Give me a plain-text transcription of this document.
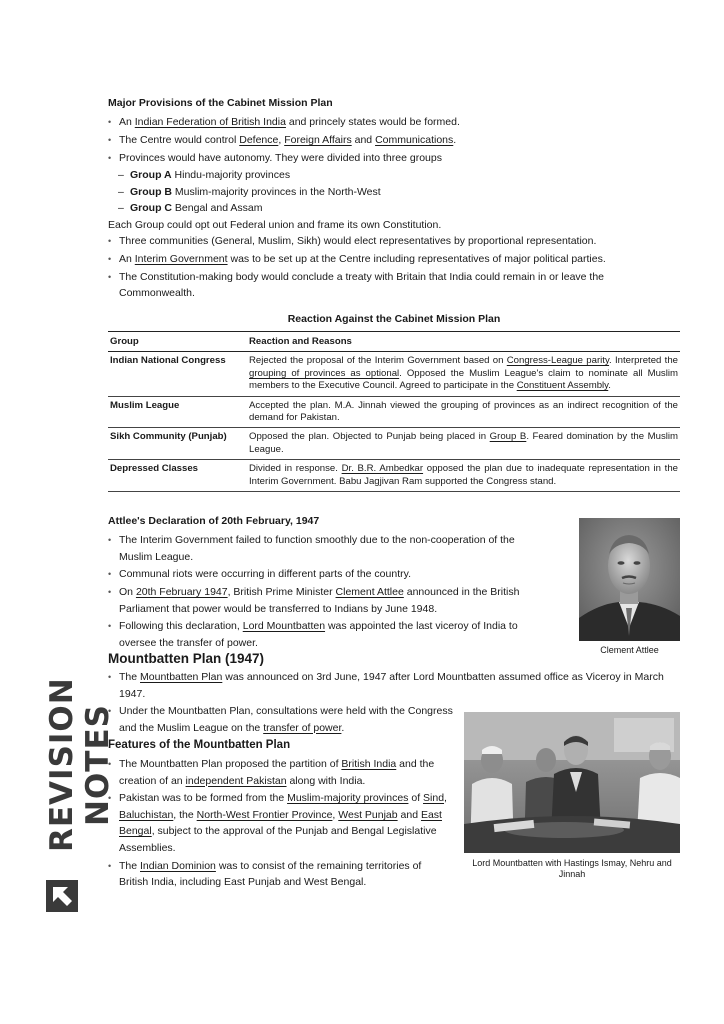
Major Provisions of the Cabinet Mission Plan
• An Indian Federation of British India and princely states would be formed.
• The Centre would control Defence, Foreign Affairs and Communications.
• Provinces would have autonomy. They were divided into three groups
– Group A Hindu-majority provinces
– Group B Muslim-majority provinces in the North-West
– Group C Bengal and Assam

Each Group could opt out Federal union and frame its own Constitution.

• Three communities (General, Muslim, Sikh) would elect representatives by proportional representation.
• An Interim Government was to be set up at the Centre including representatives of major political parties.
• The Constitution-making body would conclude a treaty with Britain that India could remain in or leave the Commonwealth.
Reaction Against the Cabinet Mission Plan
Group	Reaction and Reasons
Indian National Congress	Rejected the proposal of the Interim Government based on Congress-League parity. Interpreted the grouping of provinces as optional. Opposed the Muslim League's claim to nominate all Muslim members to the Executive Council. Agreed to participate in the Constituent Assembly.
Muslim League	Accepted the plan. M.A. Jinnah viewed the grouping of provinces as an indirect recognition of the demand for Pakistan.
Sikh Community (Punjab)	Opposed the plan. Objected to Punjab being placed in Group B. Feared domination by the Muslim League.
Depressed Classes	Divided in response. Dr. B.R. Ambedkar opposed the plan due to inadequate representation in the Interim Government. Babu Jagjivan Ram supported the Congress stand.
Attlee's Declaration of 20th February, 1947
• The Interim Government failed to function smoothly due to the non-cooperation of the Muslim League.
• Communal riots were occurring in different parts of the country.
• On 20th February 1947, British Prime Minister Clement Attlee announced in the British Parliament that power would be transferred to Indians by June 1948.
• Following this declaration, Lord Mountbatten was appointed the last viceroy of India to oversee the transfer of power.
Clement Attlee
Mountbatten Plan (1947)
• The Mountbatten Plan was announced on 3rd June, 1947 after Lord Mountbatten assumed office as Viceroy in March 1947.
• Under the Mountbatten Plan, consultations were held with the Congress and the Muslim League on the transfer of power.
Features of the Mountbatten Plan
• The Mountbatten Plan proposed the partition of British India and the creation of an independent Pakistan along with India.
• Pakistan was to be formed from the Muslim-majority provinces of Sind, Baluchistan, the North-West Frontier Province, West Punjab and East Bengal, subject to the approval of the Punjab and Bengal Legislative Assemblies.
• The Indian Dominion was to consist of the remaining territories of British India, including East Punjab and West Bengal.
Lord Mountbatten with Hastings Ismay, Nehru and Jinnah
REVISION NOTES
